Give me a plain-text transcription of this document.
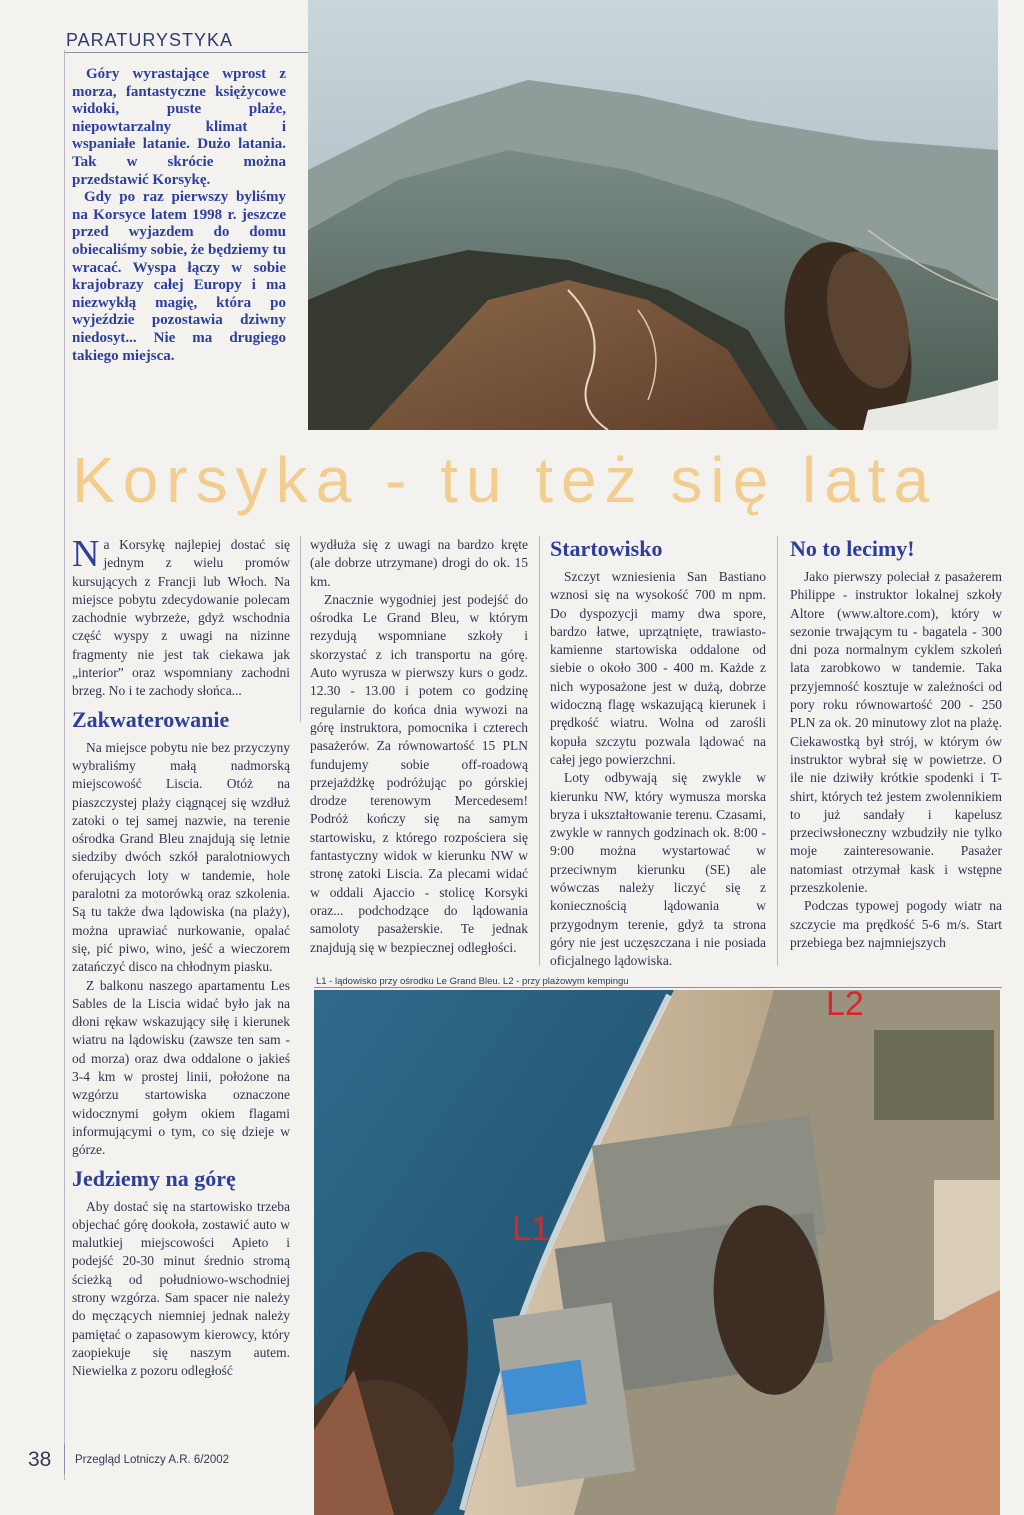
PARATURYSTYKA

Góry wyrastające wprost z morza, fantastyczne księżycowe widoki, puste plaże, niepowtarzalny klimat i wspaniałe latanie. Dużo latania. Tak w skrócie można przedstawić Korsykę.

Gdy po raz pierwszy byliśmy na Korsyce latem 1998 r. jeszcze przed wyjazdem do domu obiecaliśmy sobie, że będziemy tu wracać. Wyspa łączy w sobie krajobrazy całej Europy i ma niezwykłą magię, która po wyjeździe pozostawia dziwny niedosyt... Nie ma drugiego takiego miejsca.

Korsyka - tu też się lata

Na Korsykę najlepiej dostać się jednym z wielu promów kursujących z Francji lub Włoch. Na miejsce pobytu zdecydowanie polecam zachodnie wybrzeże, gdyż wschodnia część wyspy z uwagi na nizinne fragmenty nie jest tak ciekawa jak „interior” oraz wspomniany zachodni brzeg. No i te zachody słońca...

Zakwaterowanie

Na miejsce pobytu nie bez przyczyny wybraliśmy małą nadmorską miejscowość Liscia. Otóż na piaszczystej plaży ciągnącej się wzdłuż zatoki o tej samej nazwie, na terenie ośrodka Grand Bleu znajdują się letnie siedziby dwóch szkół paralotniowych oferujących loty w tandemie, hole paralotni za motorówką oraz szkolenia. Są tu także dwa lądowiska (na plaży), można uprawiać nurkowanie, opalać się, pić piwo, wino, jeść a wieczorem zatańczyć disco na chłodnym piasku.

Z balkonu naszego apartamentu Les Sables de la Liscia widać było jak na dłoni rękaw wskazujący siłę i kierunek wiatru na lądowisku (zawsze ten sam - od morza) oraz dwa oddalone o jakieś 3-4 km w prostej linii, położone na wzgórzu startowiska oznaczone widocznymi gołym okiem flagami informującymi o tym, co się dzieje w górze.

Jedziemy na górę

Aby dostać się na startowisko trzeba objechać górę dookoła, zostawić auto w malutkiej miejscowości Apieto i podejść 20-30 minut średnio stromą ścieżką od południowo-wschodniej strony wzgórza. Sam spacer nie należy do męczących niemniej jednak należy pamiętać o zapasowym kierowcy, który zaopiekuje się naszym autem. Niewielka z pozoru odległość

wydłuża się z uwagi na bardzo kręte (ale dobrze utrzymane) drogi do ok. 15 km.

Znacznie wygodniej jest podejść do ośrodka Le Grand Bleu, w którym rezydują wspomniane szkoły i skorzystać z ich transportu na górę. Auto wyrusza w pierwszy kurs o godz. 12.30 - 13.00 i potem co godzinę regularnie do końca dnia wywozi na górę instruktora, pomocnika i czterech pasażerów. Za równowartość 15 PLN fundujemy sobie off-roadową przejażdżkę podróżując po górskiej drodze terenowym Mercedesem! Podróż kończy się na samym startowisku, z którego rozpościera się fantastyczny widok w kierunku NW w stronę zatoki Liscia. Za plecami widać w oddali Ajaccio - stolicę Korsyki oraz... podchodzące do lądowania samoloty pasażerskie. Te jednak znajdują się w bezpiecznej odległości.

Startowisko

Szczyt wzniesienia San Bastiano wznosi się na wysokość 700 m npm. Do dyspozycji mamy dwa spore, bardzo łatwe, uprzątnięte, trawiasto-kamienne startowiska oddalone od siebie o około 300 - 400 m. Każde z nich wyposażone jest w dużą, dobrze widoczną flagę wskazującą kierunek i prędkość wiatru. Wolna od zarośli kopuła szczytu pozwala lądować na całej jego powierzchni.

Loty odbywają się zwykle w kierunku NW, który wymusza morska bryza i ukształtowanie terenu. Czasami, zwykle w rannych godzinach ok. 8:00 - 9:00 można wystartować w przeciwnym kierunku (SE) ale wówczas należy liczyć się z koniecznością lądowania w przygodnym terenie, gdyż ta strona góry nie jest uczęszczana i nie posiada oficjalnego lądowiska.

No to lecimy!

Jako pierwszy poleciał z pasażerem Philippe - instruktor lokalnej szkoły Altore (www.altore.com), który w sezonie trwającym tu - bagatela - 300 dni poza normalnym cyklem szkoleń lata zarobkowo w tandemie. Taka przyjemność kosztuje w zależności od pory roku równowartość 200 - 250 PLN za ok. 20 minutowy zlot na plażę. Ciekawostką był strój, w którym ów instruktor wybrał się w powietrze. O ile nie dziwiły krótkie spodenki i T-shirt, których też jestem zwolennikiem to już sandały i kapelusz przeciwsłoneczny wzbudziły nie tylko moje zainteresowanie. Pasażer natomiast otrzymał kask i wstępne przeszkolenie.

Podczas typowej pogody wiatr na szczycie ma prędkość 5-6 m/s. Start przebiega bez najmniejszych

L1 - lądowisko przy ośrodku Le Grand Bleu. L2 - przy plażowym kempingu
L2
L1
38 Przegląd Lotniczy A.R. 6/2002
